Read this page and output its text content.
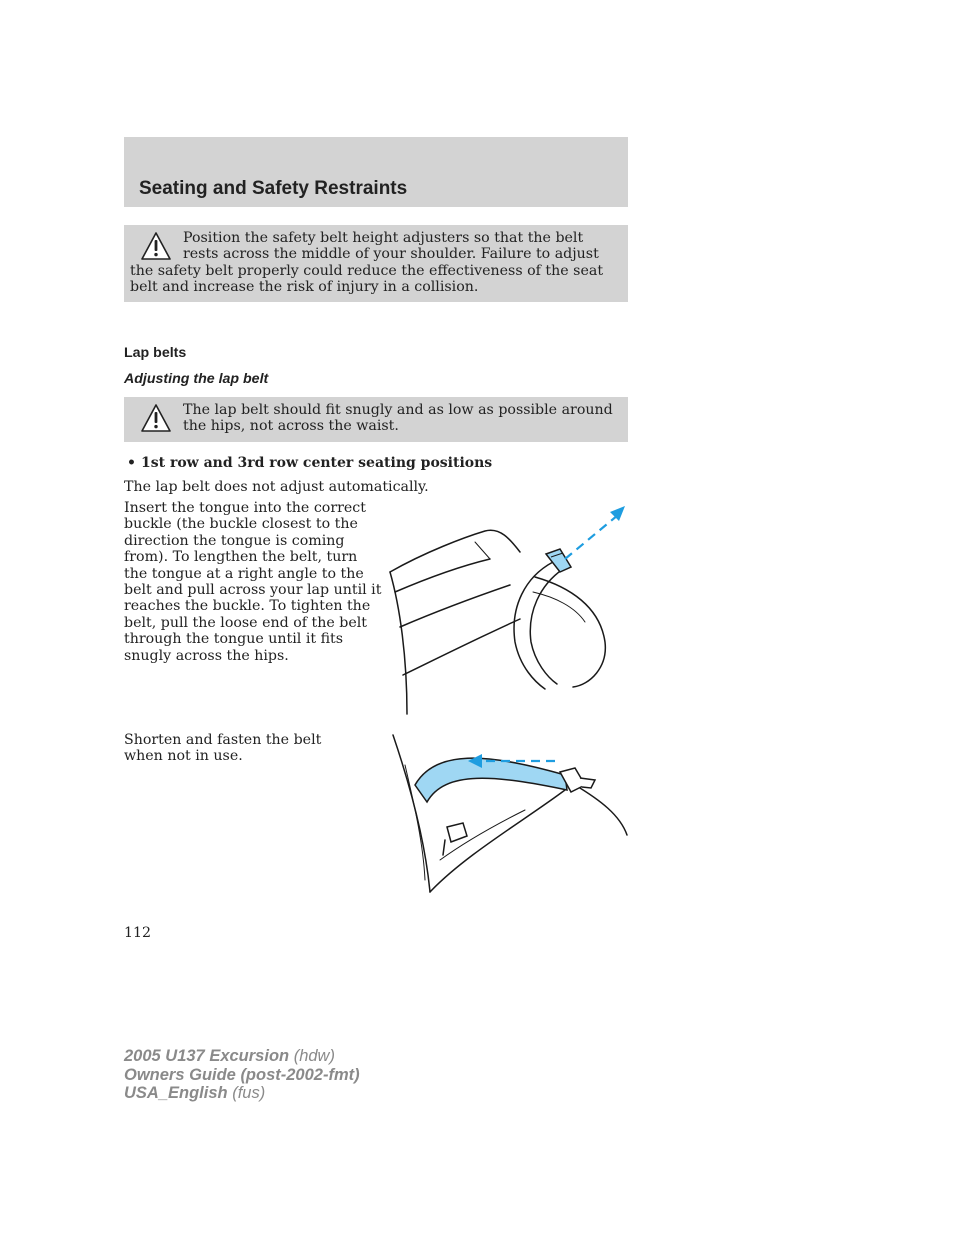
Seating and Safety Restraints
Position the safety belt height adjusters so that the belt rests across the middle of your shoulder. Failure to adjust the safety belt properly could reduce the effectiveness of the seat belt and increase the risk of injury in a collision.
Lap belts
Adjusting the lap belt
The lap belt should fit snugly and as low as possible around the hips, not across the waist.
• 1st row and 3rd row center seating positions

The lap belt does not adjust automatically.

Insert the tongue into the correct buckle (the buckle closest to the direction the tongue is coming from). To lengthen the belt, turn the tongue at a right angle to the belt and pull across your lap until it reaches the buckle. To tighten the belt, pull the loose end of the belt through the tongue until it fits snugly across the hips.

Shorten and fasten the belt when not in use.

112
2005 U137 Excursion (hdw)
Owners Guide (post-2002-fmt)
USA_English (fus)
